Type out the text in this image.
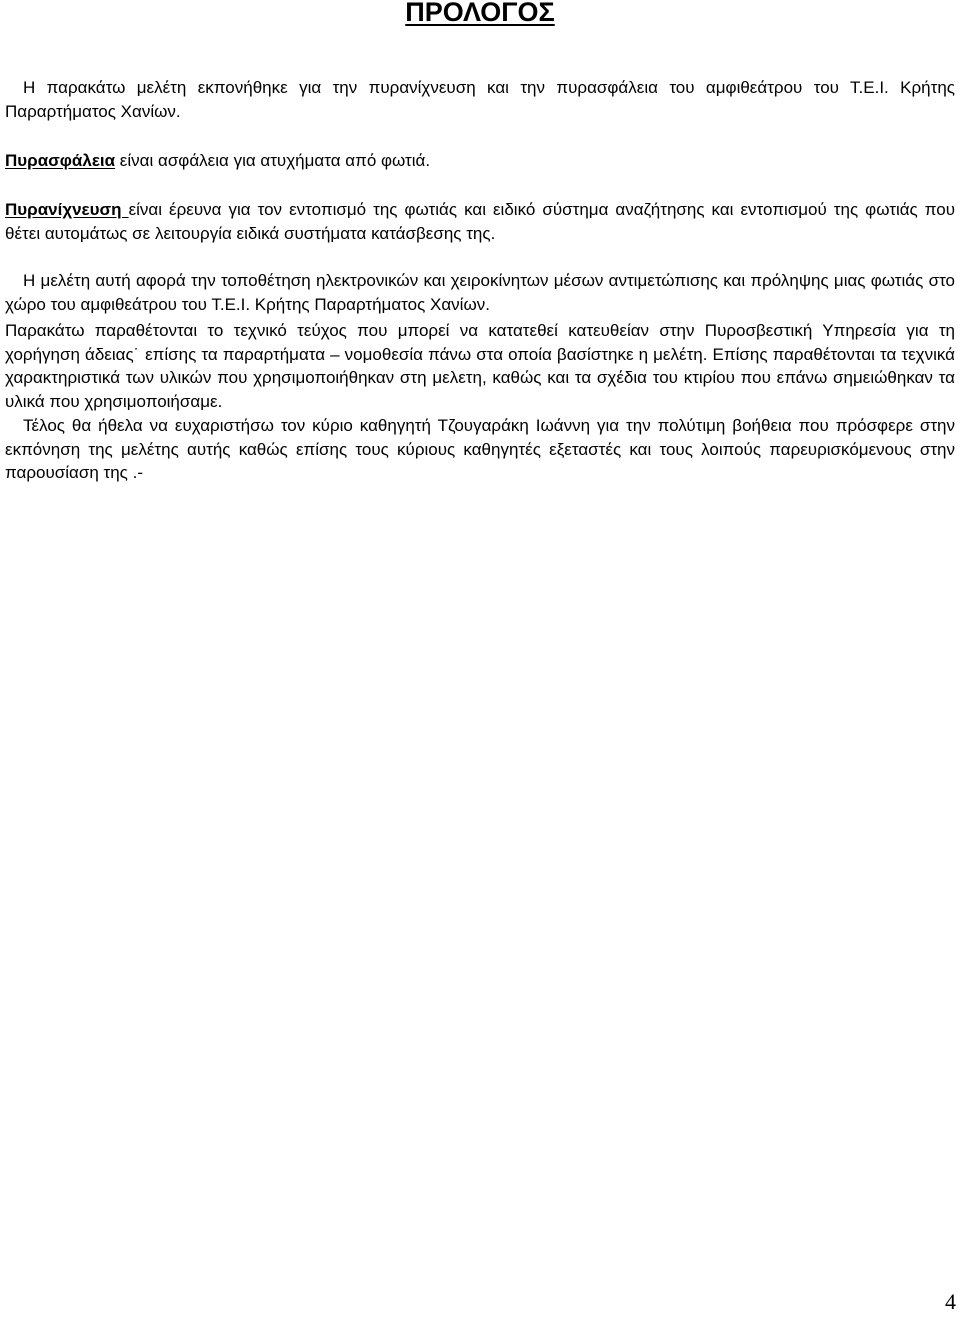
ΠΡΟΛΟΓΟΣ

Η παρακάτω μελέτη εκπονήθηκε για την πυρανίχνευση και την πυρασφάλεια του αμφιθεάτρου του Τ.Ε.Ι. Κρήτης Παραρτήματος Χανίων.

Πυρασφάλεια είναι ασφάλεια για ατυχήματα από φωτιά.

Πυρανίχνευση είναι έρευνα για τον εντοπισμό της φωτιάς και ειδικό σύστημα αναζήτησης και εντοπισμού της φωτιάς που θέτει αυτομάτως σε λειτουργία ειδικά συστήματα κατάσβεσης της.

Η μελέτη αυτή αφορά την τοποθέτηση ηλεκτρονικών και χειροκίνητων μέσων αντιμετώπισης και πρόληψης μιας φωτιάς στο χώρο του αμφιθεάτρου του Τ.Ε.Ι. Κρήτης Παραρτήματος Χανίων.

Παρακάτω παραθέτονται το τεχνικό τεύχος που μπορεί να κατατεθεί κατευθείαν στην Πυροσβεστική Υπηρεσία για τη χορήγηση άδειας˙ επίσης τα παραρτήματα – νομοθεσία πάνω στα οποία βασίστηκε η μελέτη. Επίσης παραθέτονται τα τεχνικά χαρακτηριστικά των υλικών που χρησιμοποιήθηκαν στη μελετη, καθώς και τα σχέδια του κτιρίου που επάνω σημειώθηκαν τα υλικά που χρησιμοποιήσαμε.

Τέλος θα ήθελα να ευχαριστήσω τον κύριο καθηγητή Τζουγαράκη Ιωάννη για την πολύτιμη βοήθεια που πρόσφερε στην εκπόνηση της μελέτης αυτής καθώς επίσης τους κύριους καθηγητές εξεταστές και τους λοιπούς παρευρισκόμενους στην παρουσίαση της .-

4
